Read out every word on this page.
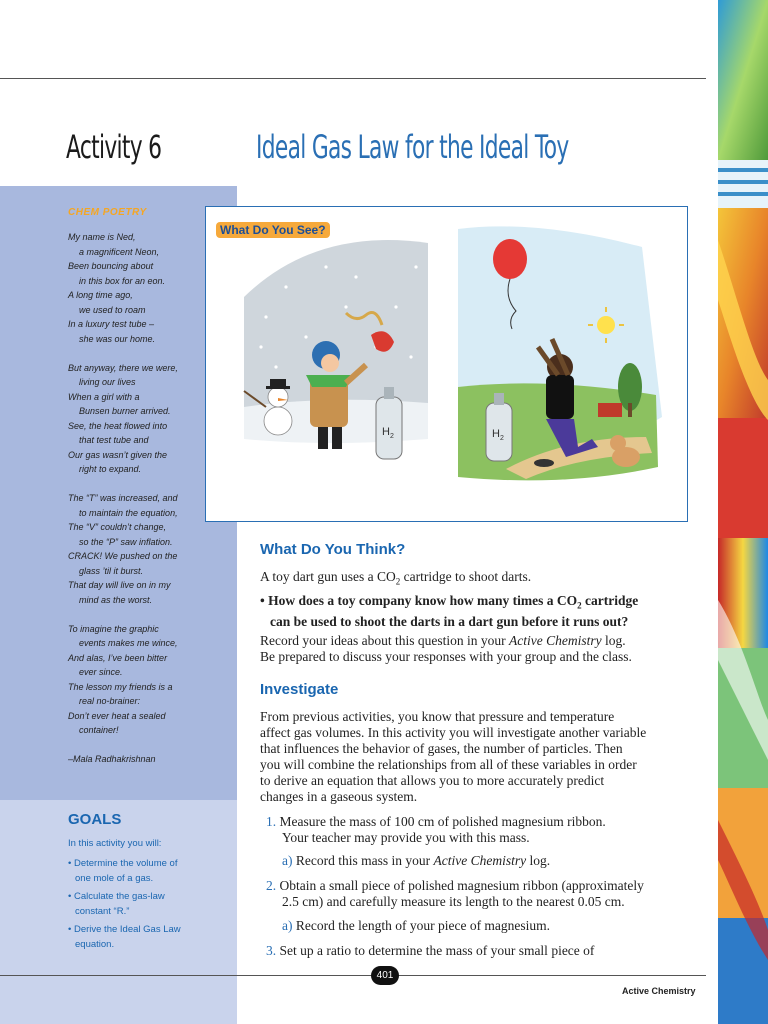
Activity 6	Ideal Gas Law for the Ideal Toy
CHEM POETRY
My name is Ned,
a magnificent Neon,
Been bouncing about
in this box for an eon.
A long time ago,
we used to roam
In a luxury test tube –
she was our home.
But anyway, there we were,
living our lives
When a girl with a
Bunsen burner arrived.
See, the heat flowed into
that test tube and
Our gas wasn’t given the
right to expand.
The “T” was increased, and
to maintain the equation,
The “V” couldn’t change,
so the “P” saw inflation.
CRACK! We pushed on the
glass ’til it burst.
That day will live on in my
mind as the worst.
To imagine the graphic
events makes me wince,
And alas, I’ve been bitter
ever since.
The lesson my friends is a
real no-brainer:
Don’t ever heat a sealed
container!
–Mala Radhakrishnan
GOALS
In this activity you will:
• Determine the volume of
one mole of a gas.
• Calculate the gas-law
constant “R.”
• Derive the Ideal Gas Law
equation.
$H_2$	$H_2$
What Do You See?
What Do You Think?
A toy dart gun uses a $CO_2$ cartridge to shoot darts.
• How does a toy company know how many times a $CO_2$ cartridge
can be used to shoot the darts in a dart gun before it runs out?
Record your ideas about this question in your Active Chemistry log.
Be prepared to discuss your responses with your group and the class.
Investigate
From previous activities, you know that pressure and temperature
affect gas volumes. In this activity you will investigate another variable
that influences the behavior of gases, the number of particles. Then
you will combine the relationships from all of these variables in order
to derive an equation that allows you to more accurately predict
changes in a gaseous system.
1. Measure the mass of 100 cm of polished magnesium ribbon.
Your teacher may provide you with this mass.
a) Record this mass in your Active Chemistry log.
2. Obtain a small piece of polished magnesium ribbon (approximately
2.5 cm) and carefully measure its length to the nearest 0.05 cm.
a) Record the length of your piece of magnesium.
3. Set up a ratio to determine the mass of your small piece of
401
Active Chemistry
